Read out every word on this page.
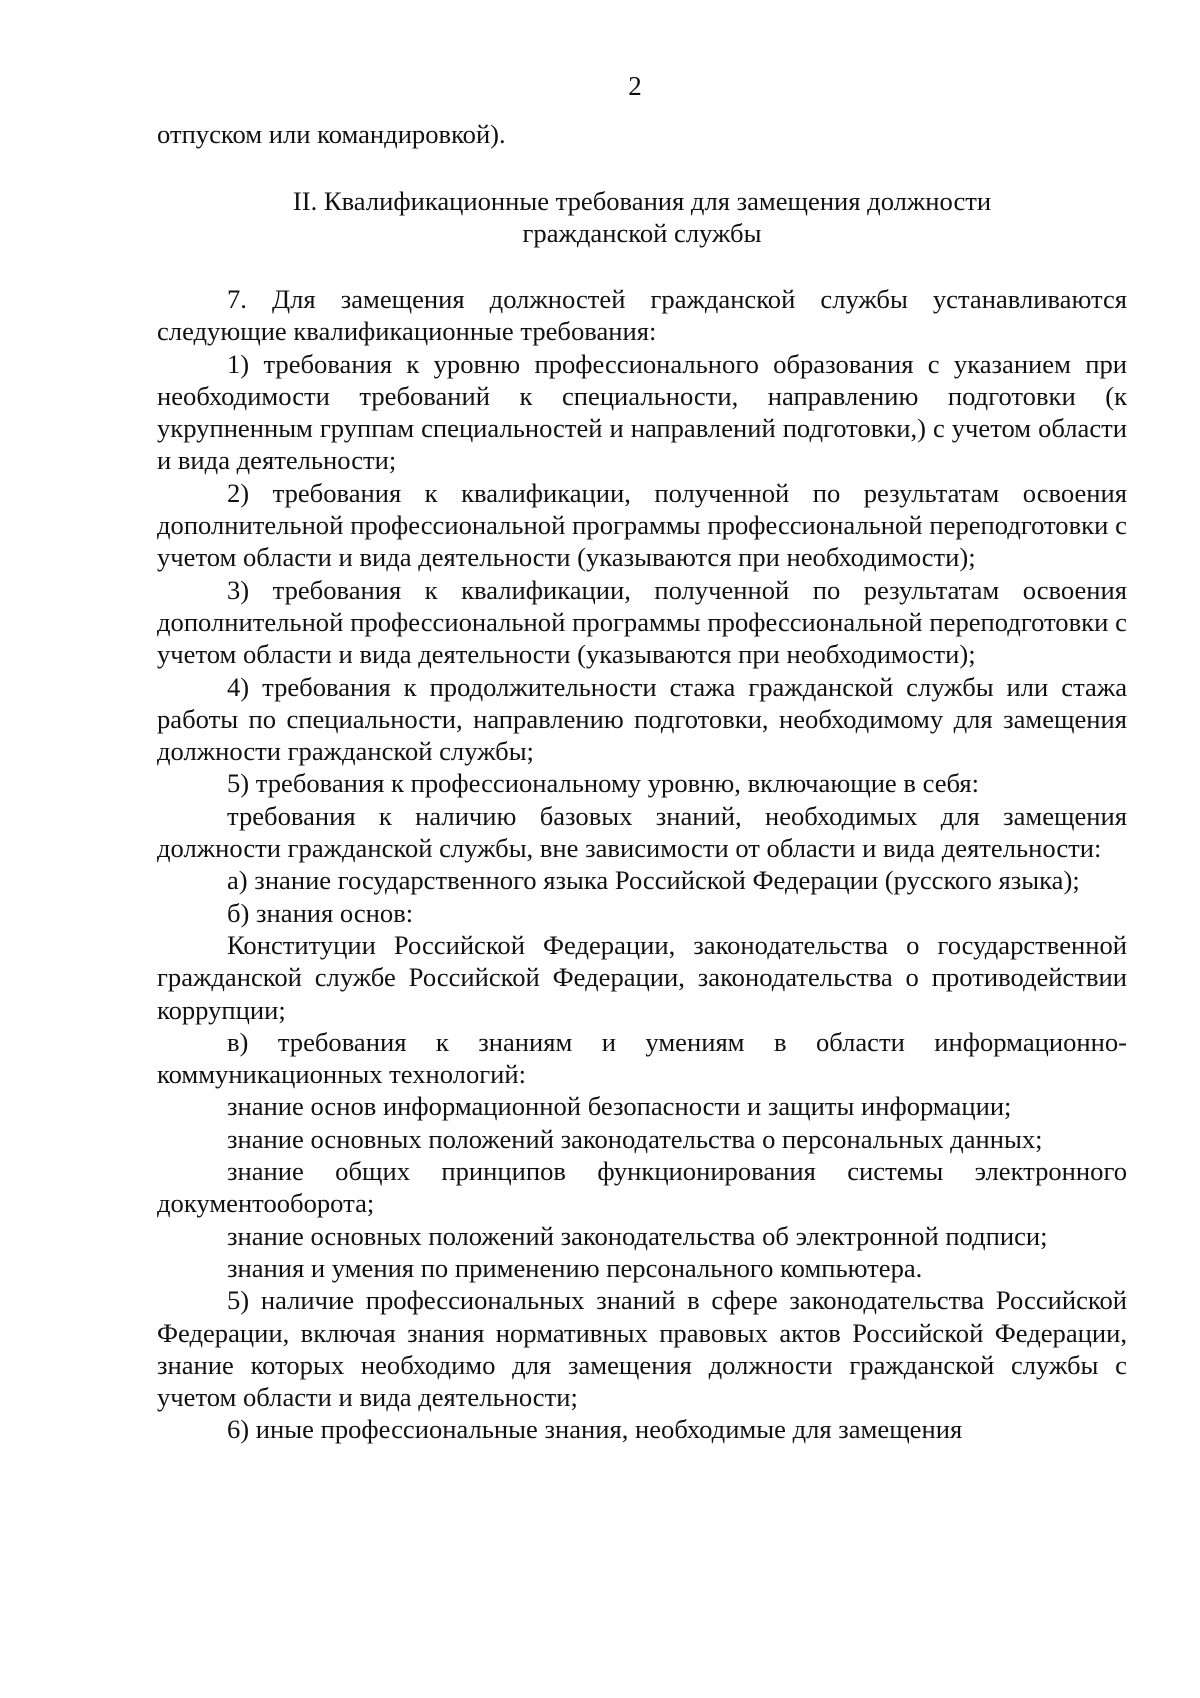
2

отпуском или командировкой).

II. Квалификационные требования для замещения должности
гражданской службы

7. Для замещения должностей гражданской службы устанавливаются следующие квалификационные требования:

1) требования к уровню профессионального образования с указанием при необходимости требований к специальности, направлению подготовки (к укрупненным группам специальностей и направлений подготовки,) с учетом области и вида деятельности;

2) требования к квалификации, полученной по результатам освоения дополнительной профессиональной программы профессиональной переподготовки с учетом области и вида деятельности (указываются при необходимости);

3) требования к квалификации, полученной по результатам освоения дополнительной профессиональной программы профессиональной переподготовки с учетом области и вида деятельности (указываются при необходимости);

4) требования к продолжительности стажа гражданской службы или стажа работы по специальности, направлению подготовки, необходимому для замещения должности гражданской службы;

5) требования к профессиональному уровню, включающие в себя:

требования к наличию базовых знаний, необходимых для замещения должности гражданской службы, вне зависимости от области и вида деятельности:

а) знание государственного языка Российской Федерации (русского языка);

б) знания основ:

Конституции Российской Федерации, законодательства о государственной гражданской службе Российской Федерации, законодательства о противодействии коррупции;

в) требования к знаниям и умениям в области информационно-коммуникационных технологий:

знание основ информационной безопасности и защиты информации;

знание основных положений законодательства о персональных данных;

знание общих принципов функционирования системы электронного документооборота;

знание основных положений законодательства об электронной подписи;

знания и умения по применению персонального компьютера.

5) наличие профессиональных знаний в сфере законодательства Российской Федерации, включая знания нормативных правовых актов Российской Федерации, знание которых необходимо для замещения должности гражданской службы с учетом области и вида деятельности;

6) иные профессиональные знания, необходимые для замещения
